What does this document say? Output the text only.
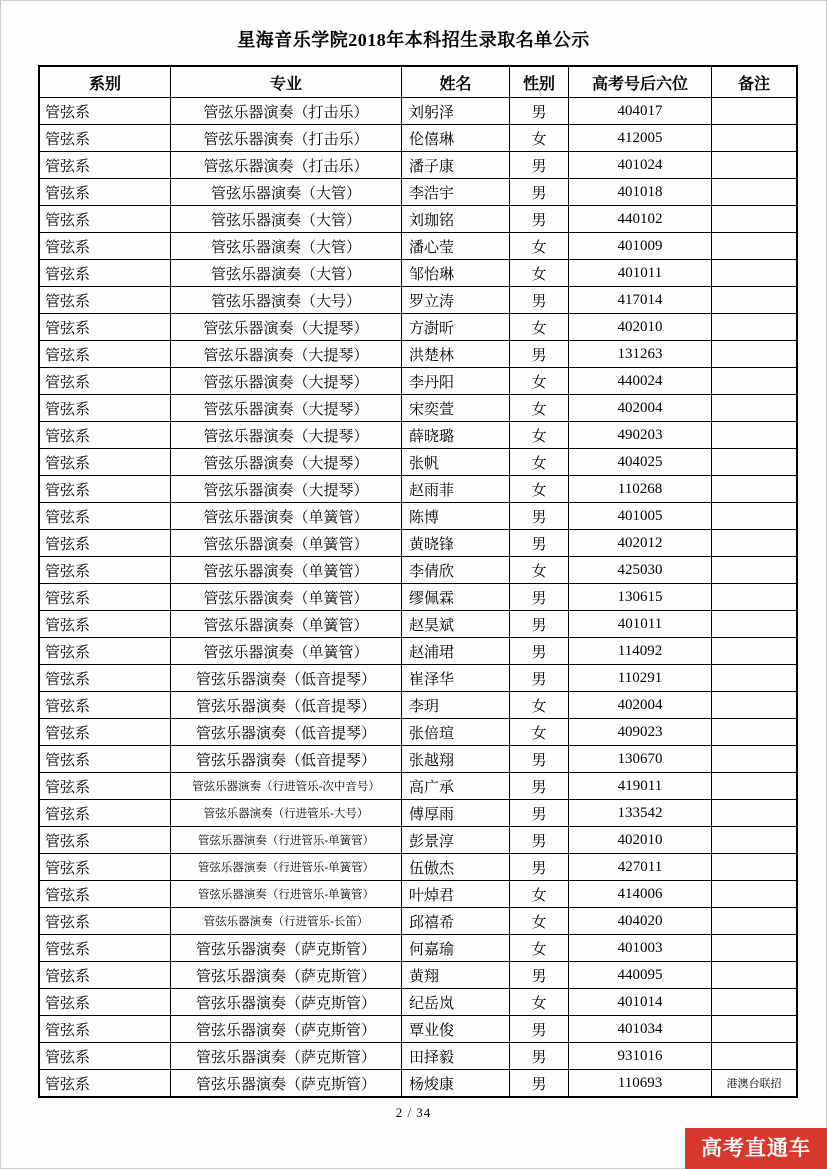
星海音乐学院2018年本科招生录取名单公示
系别	专业	姓名	性别	高考号后六位	备注
管弦系	管弦乐器演奏（打击乐）	刘躬泽	男	404017	
管弦系	管弦乐器演奏（打击乐）	伦僖琳	女	412005	
管弦系	管弦乐器演奏（打击乐）	潘子康	男	401024	
管弦系	管弦乐器演奏（大管）	李浩宇	男	401018	
管弦系	管弦乐器演奏（大管）	刘珈铭	男	440102	
管弦系	管弦乐器演奏（大管）	潘心莹	女	401009	
管弦系	管弦乐器演奏（大管）	邹怡琳	女	401011	
管弦系	管弦乐器演奏（大号）	罗立涛	男	417014	
管弦系	管弦乐器演奏（大提琴）	方澍昕	女	402010	
管弦系	管弦乐器演奏（大提琴）	洪楚林	男	131263	
管弦系	管弦乐器演奏（大提琴）	李丹阳	女	440024	
管弦系	管弦乐器演奏（大提琴）	宋奕萱	女	402004	
管弦系	管弦乐器演奏（大提琴）	薛晓璐	女	490203	
管弦系	管弦乐器演奏（大提琴）	张帆	女	404025	
管弦系	管弦乐器演奏（大提琴）	赵雨菲	女	110268	
管弦系	管弦乐器演奏（单簧管）	陈博	男	401005	
管弦系	管弦乐器演奏（单簧管）	黄晓锋	男	402012	
管弦系	管弦乐器演奏（单簧管）	李倩欣	女	425030	
管弦系	管弦乐器演奏（单簧管）	缪佩霖	男	130615	
管弦系	管弦乐器演奏（单簧管）	赵昊斌	男	401011	
管弦系	管弦乐器演奏（单簧管）	赵浦珺	男	114092	
管弦系	管弦乐器演奏（低音提琴）	崔泽华	男	110291	
管弦系	管弦乐器演奏（低音提琴）	李玥	女	402004	
管弦系	管弦乐器演奏（低音提琴）	张倍瑄	女	409023	
管弦系	管弦乐器演奏（低音提琴）	张越翔	男	130670	
管弦系	管弦乐器演奏（行进管乐-次中音号）	高广承	男	419011	
管弦系	管弦乐器演奏（行进管乐-大号）	傅厚雨	男	133542	
管弦系	管弦乐器演奏（行进管乐-单簧管）	彭景淳	男	402010	
管弦系	管弦乐器演奏（行进管乐-单簧管）	伍傲杰	男	427011	
管弦系	管弦乐器演奏（行进管乐-单簧管）	叶焯君	女	414006	
管弦系	管弦乐器演奏（行进管乐-长笛）	邱禧希	女	404020	
管弦系	管弦乐器演奏（萨克斯管）	何嘉瑜	女	401003	
管弦系	管弦乐器演奏（萨克斯管）	黄翔	男	440095	
管弦系	管弦乐器演奏（萨克斯管）	纪岳岚	女	401014	
管弦系	管弦乐器演奏（萨克斯管）	覃业俊	男	401034	
管弦系	管弦乐器演奏（萨克斯管）	田择毅	男	931016	
管弦系	管弦乐器演奏（萨克斯管）	杨焌康	男	110693	港澳台联招
2 / 34
高考直通车
